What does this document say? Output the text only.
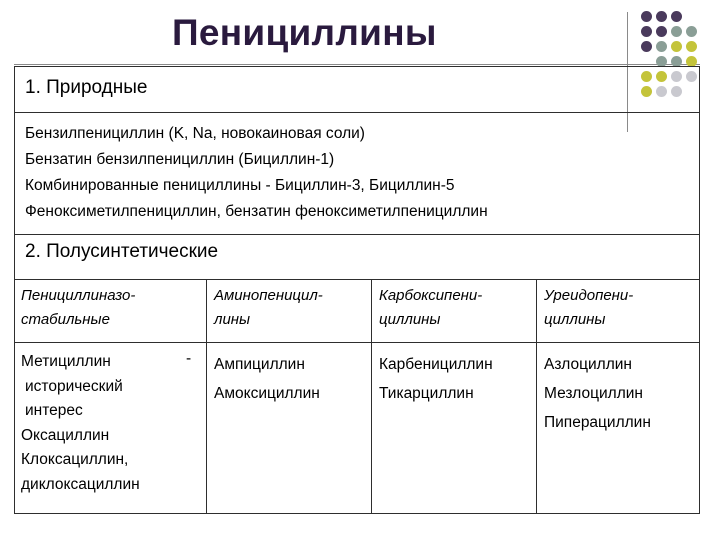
Пенициллины
1. Природные
Бензилпенициллин (K, Na, новокаиновая соли)
Бензатин бензилпенициллин (Бициллин-1)
Комбинированные пенициллины - Бициллин-3, Бициллин-5
Феноксиметилпенициллин, бензатин феноксиметилпенициллин
2. Полусинтетические
Пенициллиназо-
стабильные
Аминопеницил-
лины
Карбоксипени-
циллины
Уреидопени-
циллины
Метициллин
исторический
интерес
Оксациллин
Клоксациллин,
диклоксациллин
- Ампициллин
Амоксициллин
Карбенициллин
Тикарциллин
Азлоциллин
Мезлоциллин
Пиперациллин
